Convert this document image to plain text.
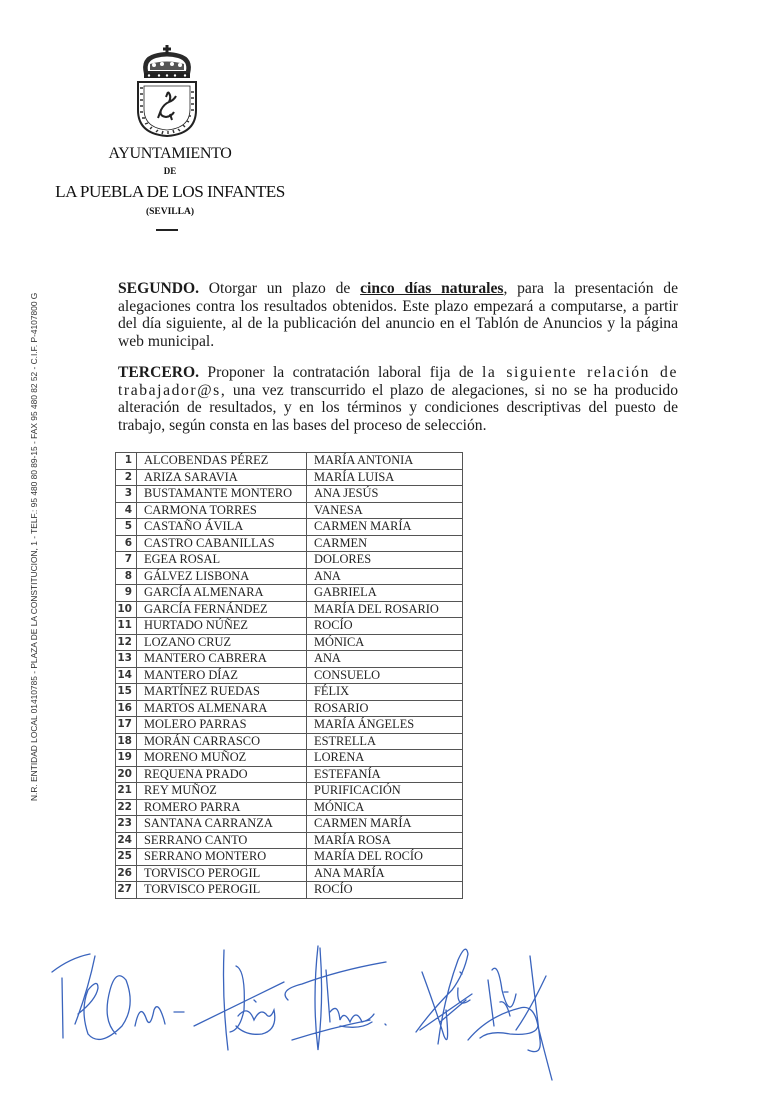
N.R. ENTIDAD LOCAL 01410785 - PLAZA DE LA CONSTITUCION, 1 - TELF.: 95 480 80 89-15 - FAX 95 480 82 52 - C.I.F. P-4107800 G
AYUNTAMIENTO
DE
LA PUEBLA DE LOS INFANTES
(SEVILLA)
SEGUNDO. Otorgar un plazo de cinco días naturales, para la presentación de alegaciones contra los resultados obtenidos. Este plazo empezará a computarse, a partir del día siguiente, al de la publicación del anuncio en el Tablón de Anuncios y la página web municipal.
TERCERO. Proponer la contratación laboral fija de la siguiente relación de trabajador@s, una vez transcurrido el plazo de alegaciones, si no se ha producido alteración de resultados, y en los términos y condiciones descriptivas del puesto de trabajo, según consta en las bases del proceso de selección.
1	ALCOBENDAS PÉREZ	MARÍA ANTONIA
2	ARIZA SARAVIA	MARÍA LUISA
3	BUSTAMANTE MONTERO	ANA JESÚS
4	CARMONA TORRES	VANESA
5	CASTAÑO ÁVILA	CARMEN MARÍA
6	CASTRO CABANILLAS	CARMEN
7	EGEA ROSAL	DOLORES
8	GÁLVEZ LISBONA	ANA
9	GARCÍA ALMENARA	GABRIELA
10	GARCÍA FERNÁNDEZ	MARÍA DEL ROSARIO
11	HURTADO NÚÑEZ	ROCÍO
12	LOZANO CRUZ	MÓNICA
13	MANTERO CABRERA	ANA
14	MANTERO DÍAZ	CONSUELO
15	MARTÍNEZ RUEDAS	FÉLIX
16	MARTOS ALMENARA	ROSARIO
17	MOLERO PARRAS	MARÍA ÁNGELES
18	MORÁN CARRASCO	ESTRELLA
19	MORENO MUÑOZ	LORENA
20	REQUENA PRADO	ESTEFANÍA
21	REY MUÑOZ	PURIFICACIÓN
22	ROMERO PARRA	MÓNICA
23	SANTANA CARRANZA	CARMEN MARÍA
24	SERRANO CANTO	MARÍA ROSA
25	SERRANO MONTERO	MARÍA DEL ROCÍO
26	TORVISCO PEROGIL	ANA MARÍA
27	TORVISCO PEROGIL	ROCÍO
